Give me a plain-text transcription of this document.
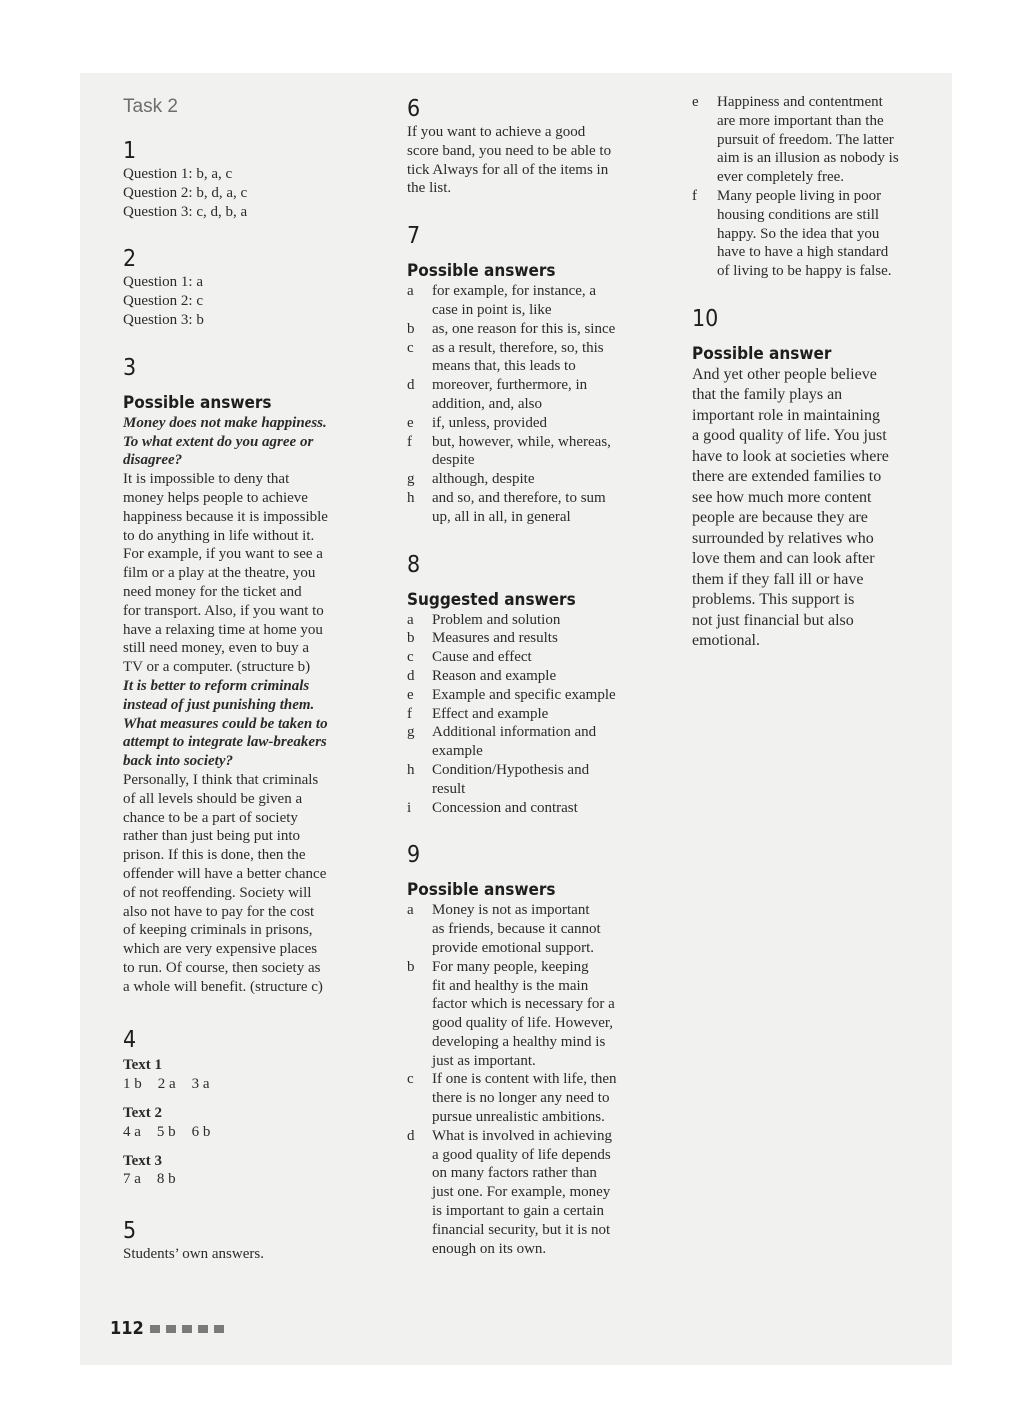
Task 2
1
Question 1: b, a, c
Question 2: b, d, a, c
Question 3: c, d, b, a
2
Question 1: a
Question 2: c
Question 3: b
3
Possible answers
Money does not make happiness.
To what extent do you agree or
disagree?
It is impossible to deny that
money helps people to achieve
happiness because it is impossible
to do anything in life without it.
For example, if you want to see a
film or a play at the theatre, you
need money for the ticket and
for transport. Also, if you want to
have a relaxing time at home you
still need money, even to buy a
TV or a computer. (structure b)
It is better to reform criminals
instead of just punishing them.
What measures could be taken to
attempt to integrate law-breakers
back into society?
Personally, I think that criminals
of all levels should be given a
chance to be a part of society
rather than just being put into
prison. If this is done, then the
offender will have a better chance
of not reoffending. Society will
also not have to pay for the cost
of keeping criminals in prisons,
which are very expensive places
to run. Of course, then society as
a whole will benefit. (structure c)
4
Text 1
1 b 2 a 3 a
Text 2
4 a 5 b 6 b
Text 3
7 a 8 b
5
Students’ own answers.
6
If you want to achieve a good
score band, you need to be able to
tick Always for all of the items in
the list.
7
Possible answers
a	for example, for instance, a
case in point is, like
b	as, one reason for this is, since
c	as a result, therefore, so, this
means that, this leads to
d	moreover, furthermore, in
addition, and, also
e	if, unless, provided
f	but, however, while, whereas,
despite
g	although, despite
h	and so, and therefore, to sum
up, all in all, in general
8
Suggested answers
a	Problem and solution
b	Measures and results
c	Cause and effect
d	Reason and example
e	Example and specific example
f	Effect and example
g	Additional information and
example
h	Condition/Hypothesis and
result
i	Concession and contrast
9
Possible answers
a	Money is not as important
as friends, because it cannot
provide emotional support.
b	For many people, keeping
fit and healthy is the main
factor which is necessary for a
good quality of life. However,
developing a healthy mind is
just as important.
c	If one is content with life, then
there is no longer any need to
pursue unrealistic ambitions.
d	What is involved in achieving
a good quality of life depends
on many factors rather than
just one. For example, money
is important to gain a certain
financial security, but it is not
enough on its own.
e	Happiness and contentment
are more important than the
pursuit of freedom. The latter
aim is an illusion as nobody is
ever completely free.
f	Many people living in poor
housing conditions are still
happy. So the idea that you
have to have a high standard
of living to be happy is false.
10
Possible answer
And yet other people believe
that the family plays an
important role in maintaining
a good quality of life. You just
have to look at societies where
there are extended families to
see how much more content
people are because they are
surrounded by relatives who
love them and can look after
them if they fall ill or have
problems. This support is
not just financial but also
emotional.
112
